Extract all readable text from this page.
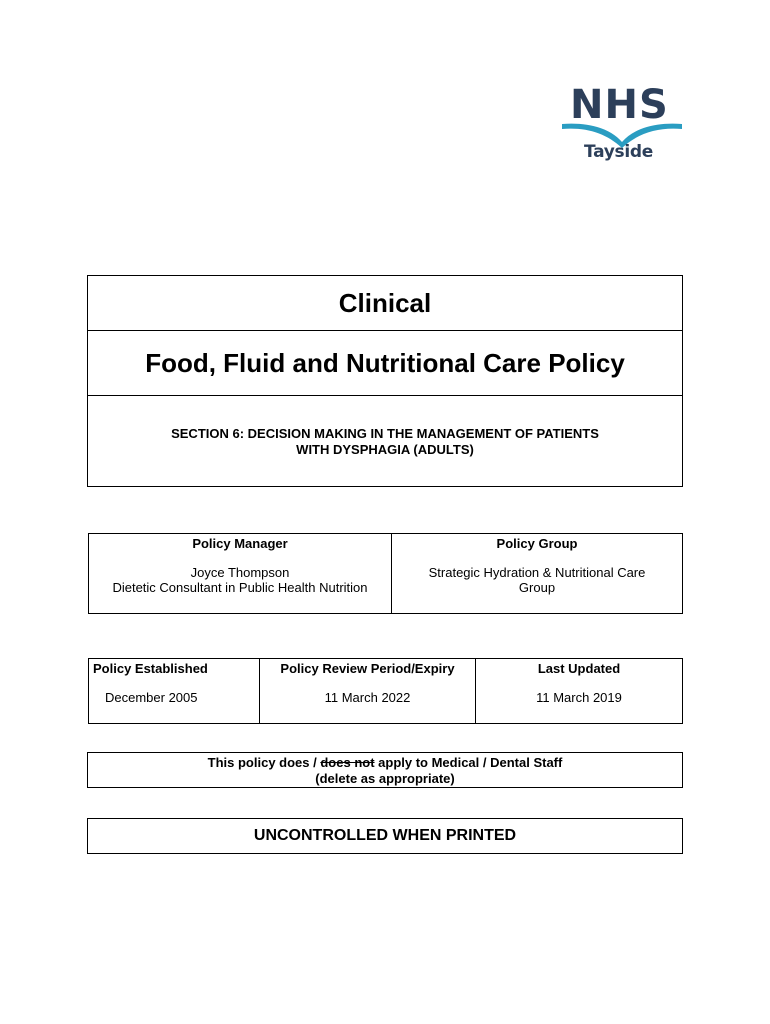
NHS
Tayside
Clinical
Food, Fluid and Nutritional Care Policy
SECTION 6: DECISION MAKING IN THE MANAGEMENT OF PATIENTS
WITH DYSPHAGIA (ADULTS)
Policy Manager
Joyce Thompson
Dietetic Consultant in Public Health Nutrition

Policy Group
Strategic Hydration & Nutritional Care
Group
Policy Established
December 2005

Policy Review Period/Expiry
11 March 2022

Last Updated
11 March 2019
This policy does / does not apply to Medical / Dental Staff
(delete as appropriate)
UNCONTROLLED WHEN PRINTED
